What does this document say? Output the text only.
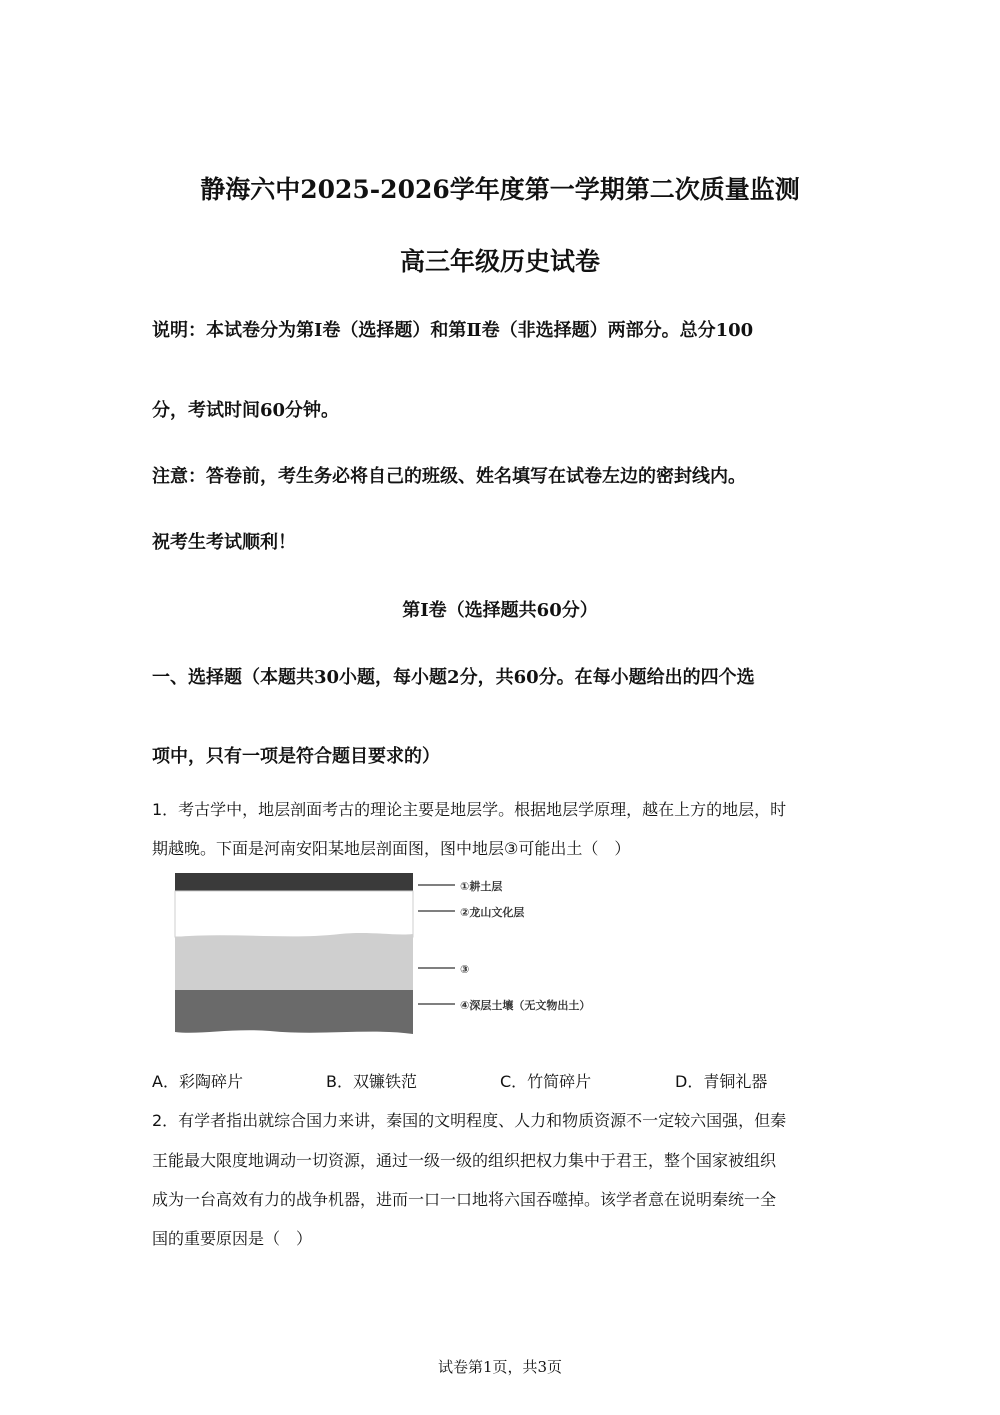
静海六中2025-2026学年度第一学期第二次质量监测
高三年级历史试卷
说明：本试卷分为第Ⅰ卷（选择题）和第Ⅱ卷（非选择题）两部分。总分100
分，考试时间60分钟。
注意：答卷前，考生务必将自己的班级、姓名填写在试卷左边的密封线内。
祝考生考试顺利！
第Ⅰ卷（选择题共60分）
一、选择题（本题共30小题，每小题2分，共60分。在每小题给出的四个选
项中，只有一项是符合题目要求的）
1．考古学中，地层剖面考古的理论主要是地层学。根据地层学原理，越在上方的地层，时
期越晚。下面是河南安阳某地层剖面图，图中地层③可能出土（　）
①耕土层
②龙山文化层
③
④深层土壤（无文物出土）
A．彩陶碎片	B．双镰铁范	C．竹简碎片	D．青铜礼器
2．有学者指出就综合国力来讲，秦国的文明程度、人力和物质资源不一定较六国强，但秦
王能最大限度地调动一切资源，通过一级一级的组织把权力集中于君王，整个国家被组织
成为一台高效有力的战争机器，进而一口一口地将六国吞噬掉。该学者意在说明秦统一全
国的重要原因是（　）
试卷第1页，共3页
